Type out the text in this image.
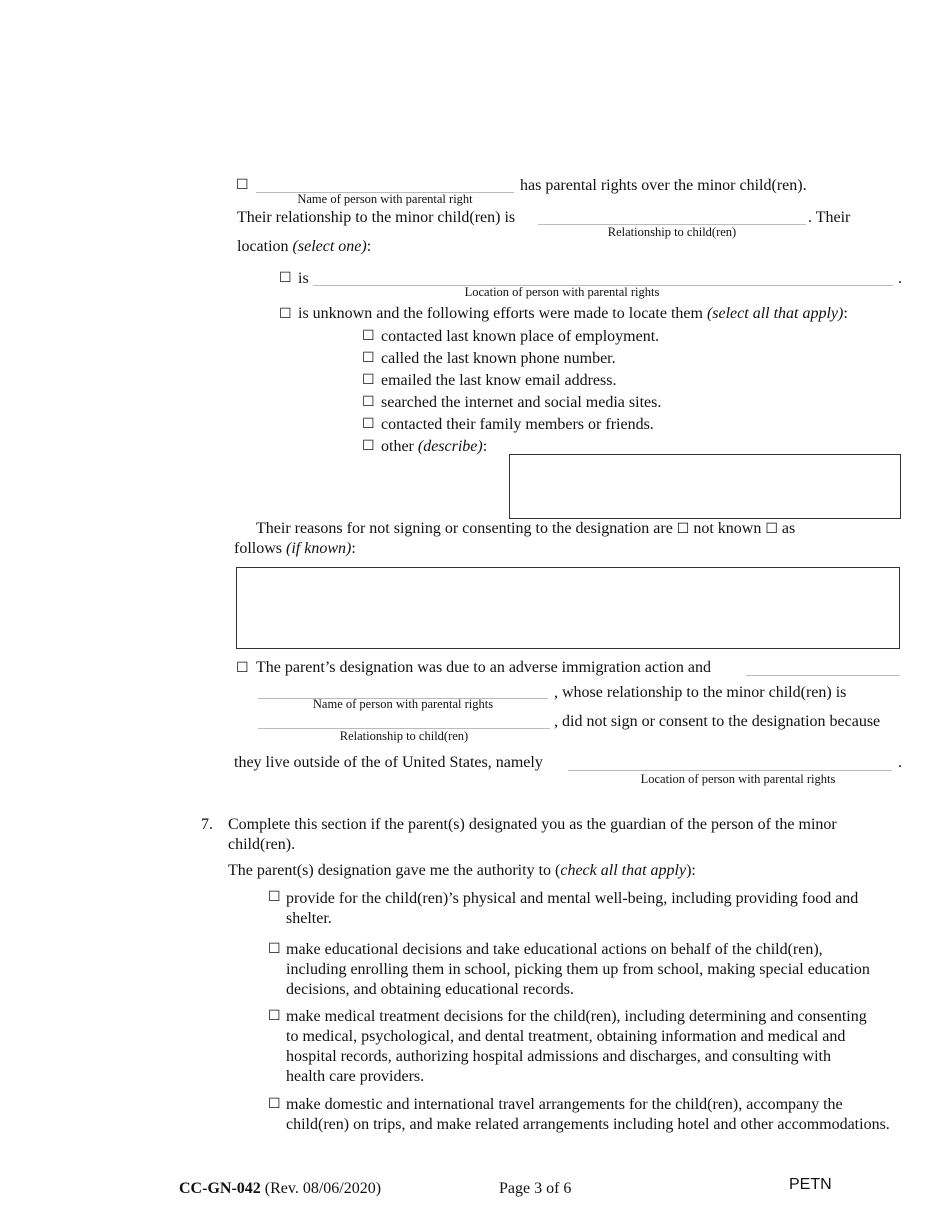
☐
Name of person with parental right
has parental rights over the minor child(ren).
Their relationship to the minor child(ren) is
Relationship to child(ren)
. Their
location (select one):
☐ is	.
Location of person with parental rights
☐ is unknown and the following efforts were made to locate them (select all that apply):
☐ contacted last known place of employment.
☐ called the last known phone number.
☐ emailed the last know email address.
☐ searched the internet and social media sites.
☐ contacted their family members or friends.
☐ other (describe):
Their reasons for not signing or consenting to the designation are ☐ not known ☐ as
follows (if known):
☐ The parent’s designation was due to an adverse immigration action and
Name of person with parental rights
, whose relationship to the minor child(ren) is
Relationship to child(ren)
, did not sign or consent to the designation because
they live outside of the of United States, namely	.
Location of person with parental rights
7. Complete this section if the parent(s) designated you as the guardian of the person of the minor
child(ren).
The parent(s) designation gave me the authority to (check all that apply):
☐ provide for the child(ren)’s physical and mental well-being, including providing food and
shelter.
☐ make educational decisions and take educational actions on behalf of the child(ren),
including enrolling them in school, picking them up from school, making special education
decisions, and obtaining educational records.
☐ make medical treatment decisions for the child(ren), including determining and consenting
to medical, psychological, and dental treatment, obtaining information and medical and
hospital records, authorizing hospital admissions and discharges, and consulting with
health care providers.
☐ make domestic and international travel arrangements for the child(ren), accompany the
child(ren) on trips, and make related arrangements including hotel and other accommodations.
CC-GN-042 (Rev. 08/06/2020)	Page 3 of 6	PETN
